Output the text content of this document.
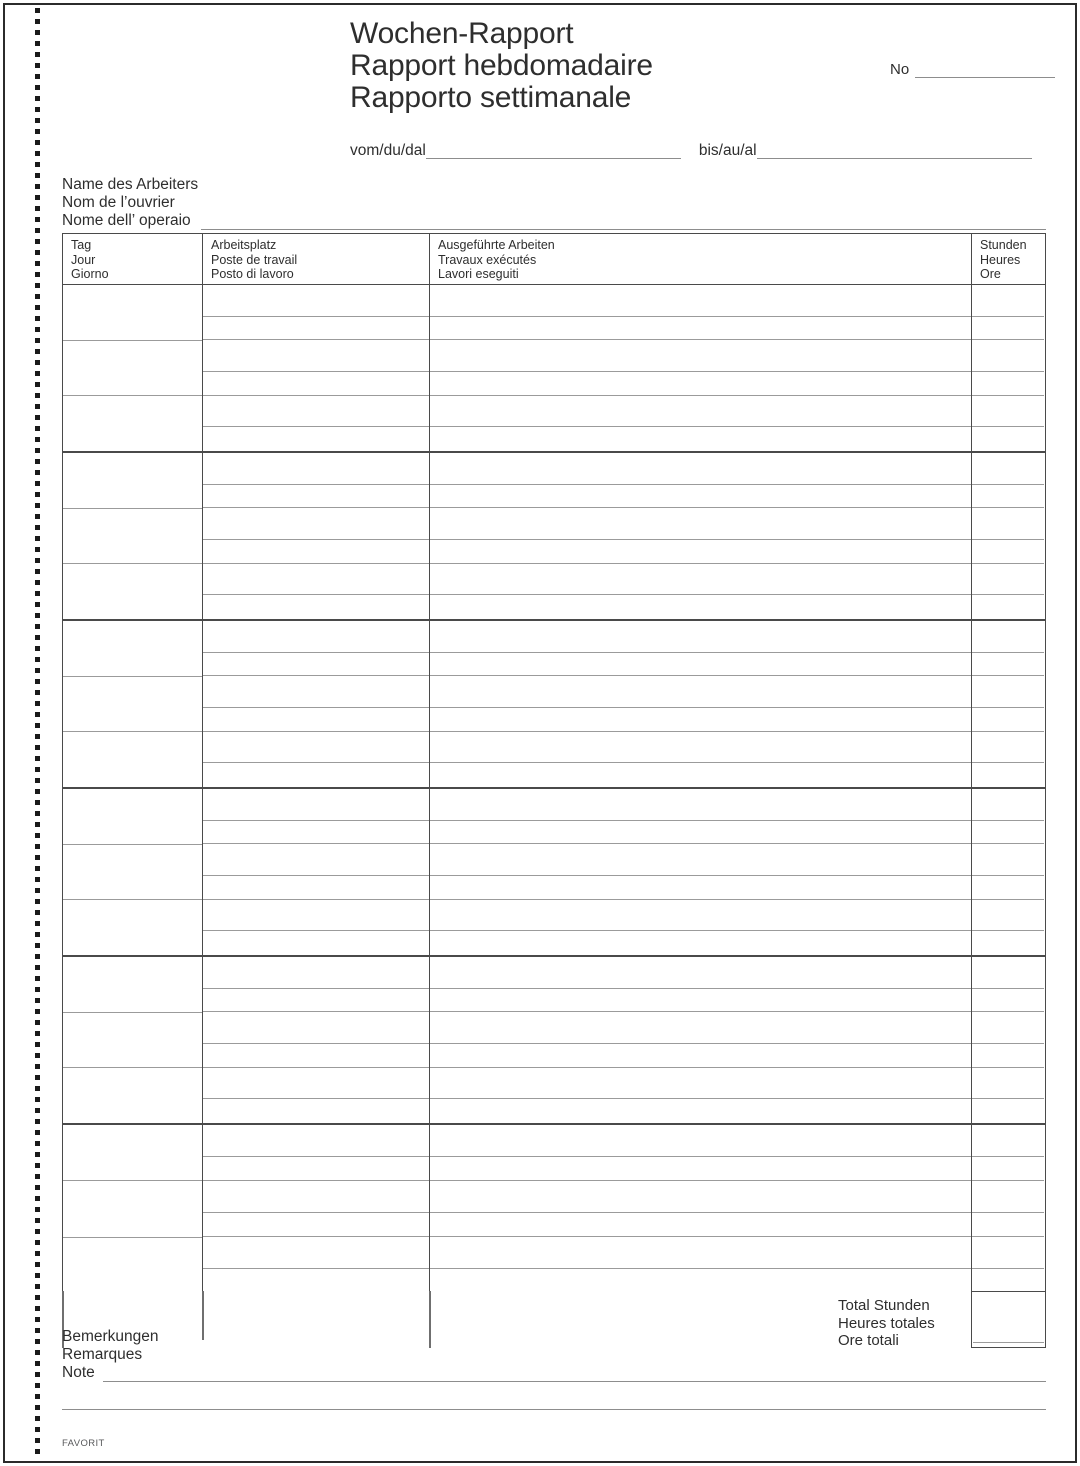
Wochen-Rapport
Rapport hebdomadaire
Rapporto settimanale
No
vom/du/dal	bis/au/al
Name des Arbeiters
Nom de l’ouvrier
Nome dell’ operaio
Tag
Jour
Giorno
Arbeitsplatz
Poste de travail
Posto di lavoro
Ausgeführte Arbeiten
Travaux exécutés
Lavori eseguiti
Stunden
Heures
Ore
Total Stunden
Heures totales
Ore totali
Bemerkungen
Remarques
Note
FAVORIT
